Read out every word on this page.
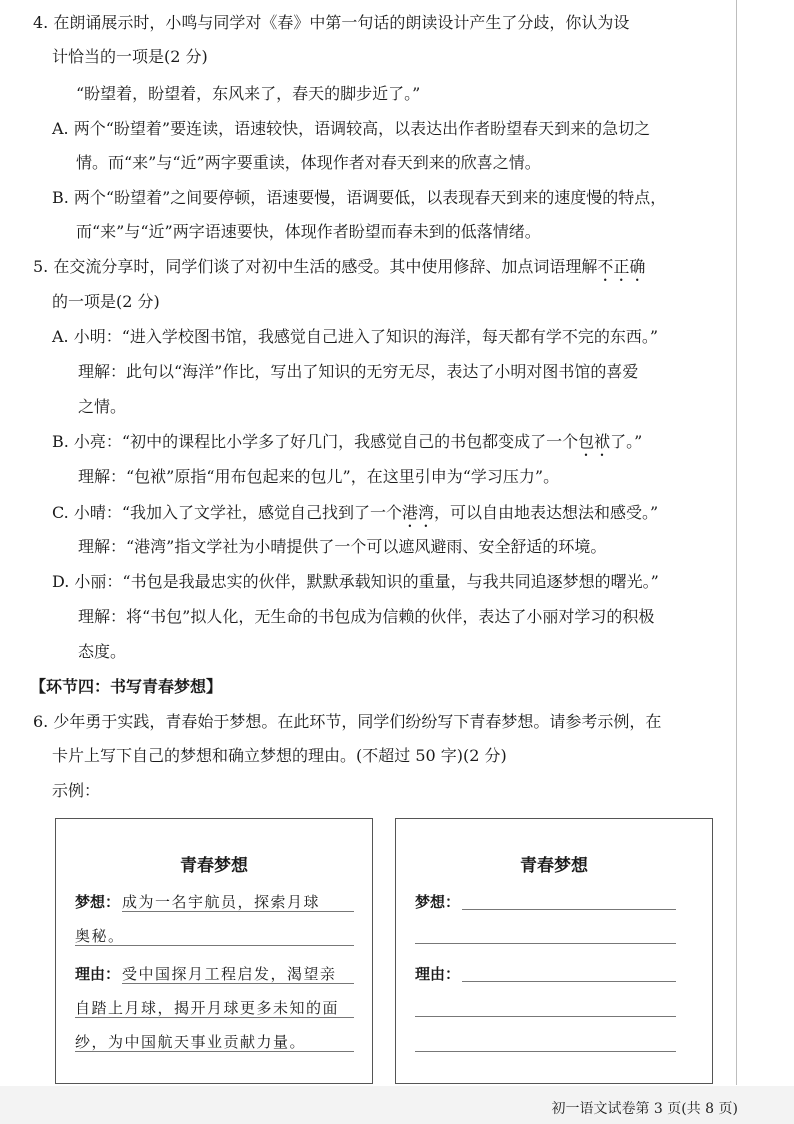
4. 在朗诵展示时，小鸣与同学对《春》中第一句话的朗读设计产生了分歧，你认为设
计恰当的一项是(2 分)
“盼望着，盼望着，东风来了，春天的脚步近了。”
A. 两个“盼望着”要连读，语速较快，语调较高，以表达出作者盼望春天到来的急切之
情。而“来”与“近”两字要重读，体现作者对春天到来的欣喜之情。
B. 两个“盼望着”之间要停顿，语速要慢，语调要低，以表现春天到来的速度慢的特点，
而“来”与“近”两字语速要快，体现作者盼望而春未到的低落情绪。
5. 在交流分享时，同学们谈了对初中生活的感受。其中使用修辞、加点词语理解不正确
的一项是(2 分)
A. 小明：“进入学校图书馆，我感觉自己进入了知识的海洋，每天都有学不完的东西。”
理解：此句以“海洋”作比，写出了知识的无穷无尽，表达了小明对图书馆的喜爱
之情。
B. 小亮：“初中的课程比小学多了好几门，我感觉自己的书包都变成了一个包袱了。”
理解：“包袱”原指“用布包起来的包儿”，在这里引申为“学习压力”。
C. 小晴：“我加入了文学社，感觉自己找到了一个港湾，可以自由地表达想法和感受。”
理解：“港湾”指文学社为小晴提供了一个可以遮风避雨、安全舒适的环境。
D. 小丽：“书包是我最忠实的伙伴，默默承载知识的重量，与我共同追逐梦想的曙光。”
理解：将“书包”拟人化，无生命的书包成为信赖的伙伴，表达了小丽对学习的积极
态度。
【环节四：书写青春梦想】
6. 少年勇于实践，青春始于梦想。在此环节，同学们纷纷写下青春梦想。请参考示例，在
卡片上写下自己的梦想和确立梦想的理由。(不超过 50 字)(2 分)
示例：
青春梦想
梦想： 成为一名宇航员，探索月球
奥秘。
理由： 受中国探月工程启发，渴望亲
自踏上月球，揭开月球更多未知的面
纱，为中国航天事业贡献力量。
青春梦想
梦想：
理由：
初一语文试卷第 3 页(共 8 页)
